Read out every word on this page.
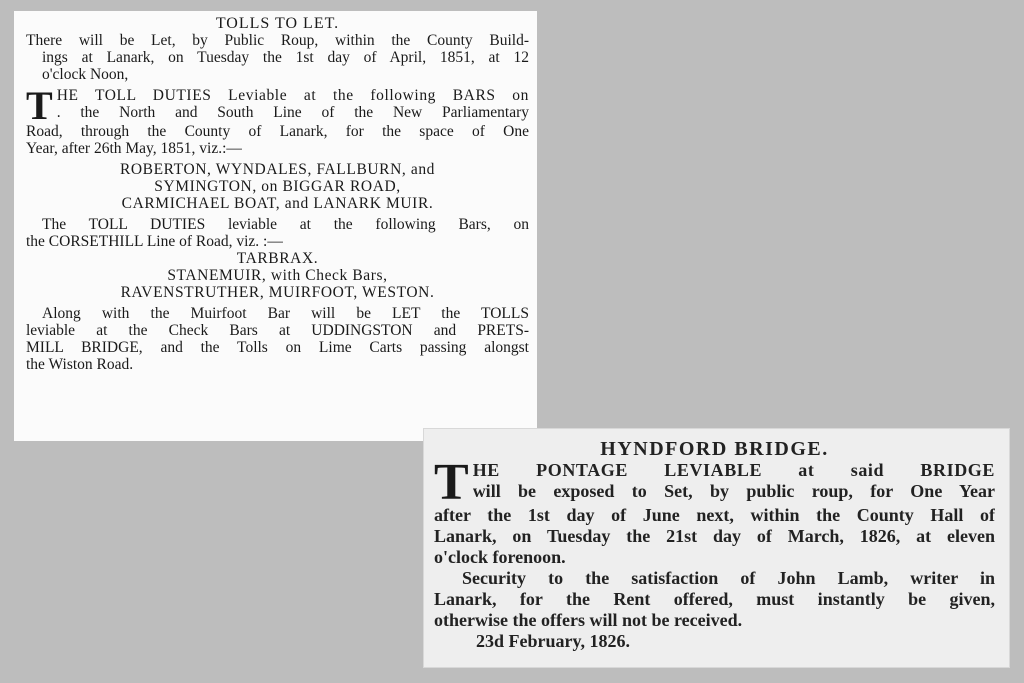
TOLLS TO LET.
There will be Let, by Public Roup, within the County Build-
ings at Lanark, on Tuesday the 1st day of April, 1851, at 12
o'clock Noon,
T HE TOLL DUTIES Leviable at the following BARS on
. the North and South Line of the New Parliamentary
Road, through the County of Lanark, for the space of One
Year, after 26th May, 1851, viz.:—
ROBERTON, WYNDALES, FALLBURN, and
SYMINGTON, on BIGGAR ROAD,
CARMICHAEL BOAT, and LANARK MUIR.
The TOLL DUTIES leviable at the following Bars, on
the CORSETHILL Line of Road, viz. :—
TARBRAX.
STANEMUIR, with Check Bars,
RAVENSTRUTHER, MUIRFOOT, WESTON.
Along with the Muirfoot Bar will be LET the TOLLS
leviable at the Check Bars at UDDINGSTON and PRETS-
MILL BRIDGE, and the Tolls on Lime Carts passing alongst
the Wiston Road.
HYNDFORD BRIDGE.
T HE PONTAGE LEVIABLE at said BRIDGE
will be exposed to Set, by public roup, for One Year
after the 1st day of June next, within the County Hall of
Lanark, on Tuesday the 21st day of March, 1826, at eleven
o'clock forenoon.
Security to the satisfaction of John Lamb, writer in
Lanark, for the Rent offered, must instantly be given,
otherwise the offers will not be received.
23d February, 1826.
